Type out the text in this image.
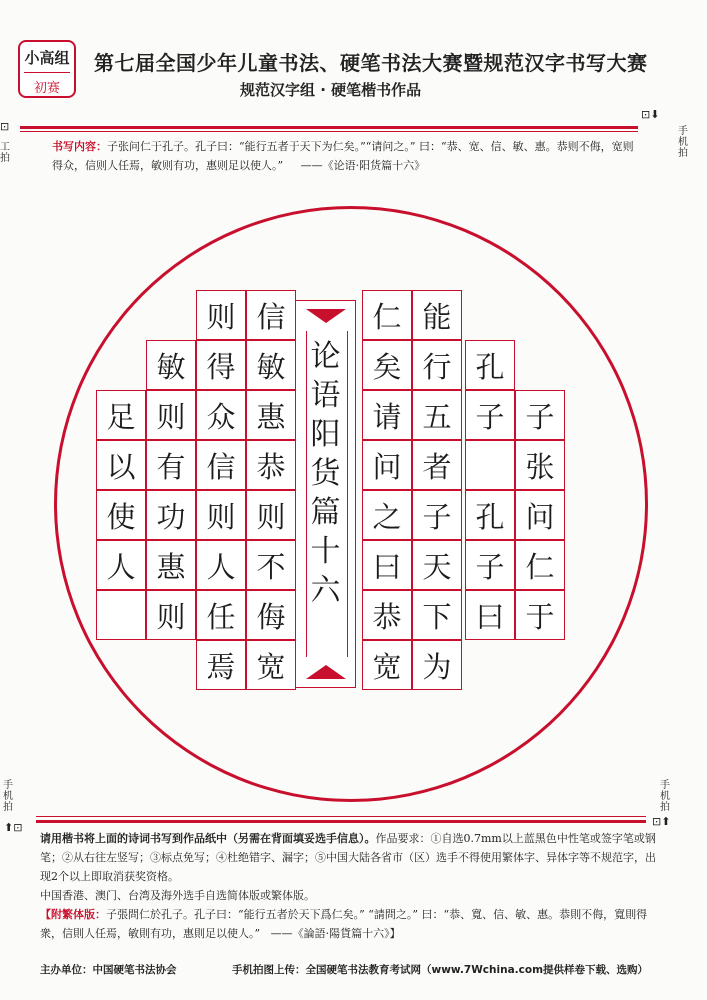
小高组
初赛
第七届全国少年儿童书法、硬笔书法大赛暨规范汉字书写大赛
规范汉字组 · 硬笔楷书作品
⊡
⊡⬇
工
拍
手
机
拍
书写内容：子张问仁于孔子。孔子曰：“能行五者于天下为仁矣。”“请问之。” 曰：“恭、宽、信、敏、惠。恭则不侮，宽则得众，信则人任焉，敏则有功，惠则足以使人。” ——《论语·阳货篇十六》
论
语
阳
货
篇
十
六
子
张
问
仁
于
孔
子
孔
子
曰
能
行
五
者
子
天
下
为
仁
矣
请
问
之
曰
恭
宽
信
敏
惠
恭
则
不
侮
宽
则
得
众
信
则
人
任
焉
敏
则
有
功
惠
则
足
以
使
人
手
机
拍
手
机
拍
⬆⊡	⊡⬆
请用楷书将上面的诗词书写到作品纸中（另需在背面填妥选手信息）。作品要求：①自选0.7mm以上蓝黑色中性笔或签字笔或钢笔；②从右往左竖写；③标点免写；④杜绝错字、漏字；⑤中国大陆各省市（区）选手不得使用繁体字、异体字等不规范字，出现2个以上即取消获奖资格。
中国香港、澳门、台湾及海外选手自选简体版或繁体版。
【附繁体版：子張問仁於孔子。孔子曰：“能行五者於天下爲仁矣。” “請問之。” 曰：“恭、寬、信、敏、惠。恭則不侮，寬則得衆，信則人任焉，敏則有功，惠則足以使人。” ——《論語·陽貨篇十六》】
主办单位：中国硬笔书法协会	手机拍图上传：全国硬笔书法教育考试网（www.7Wchina.com提供样卷下载、选购）
